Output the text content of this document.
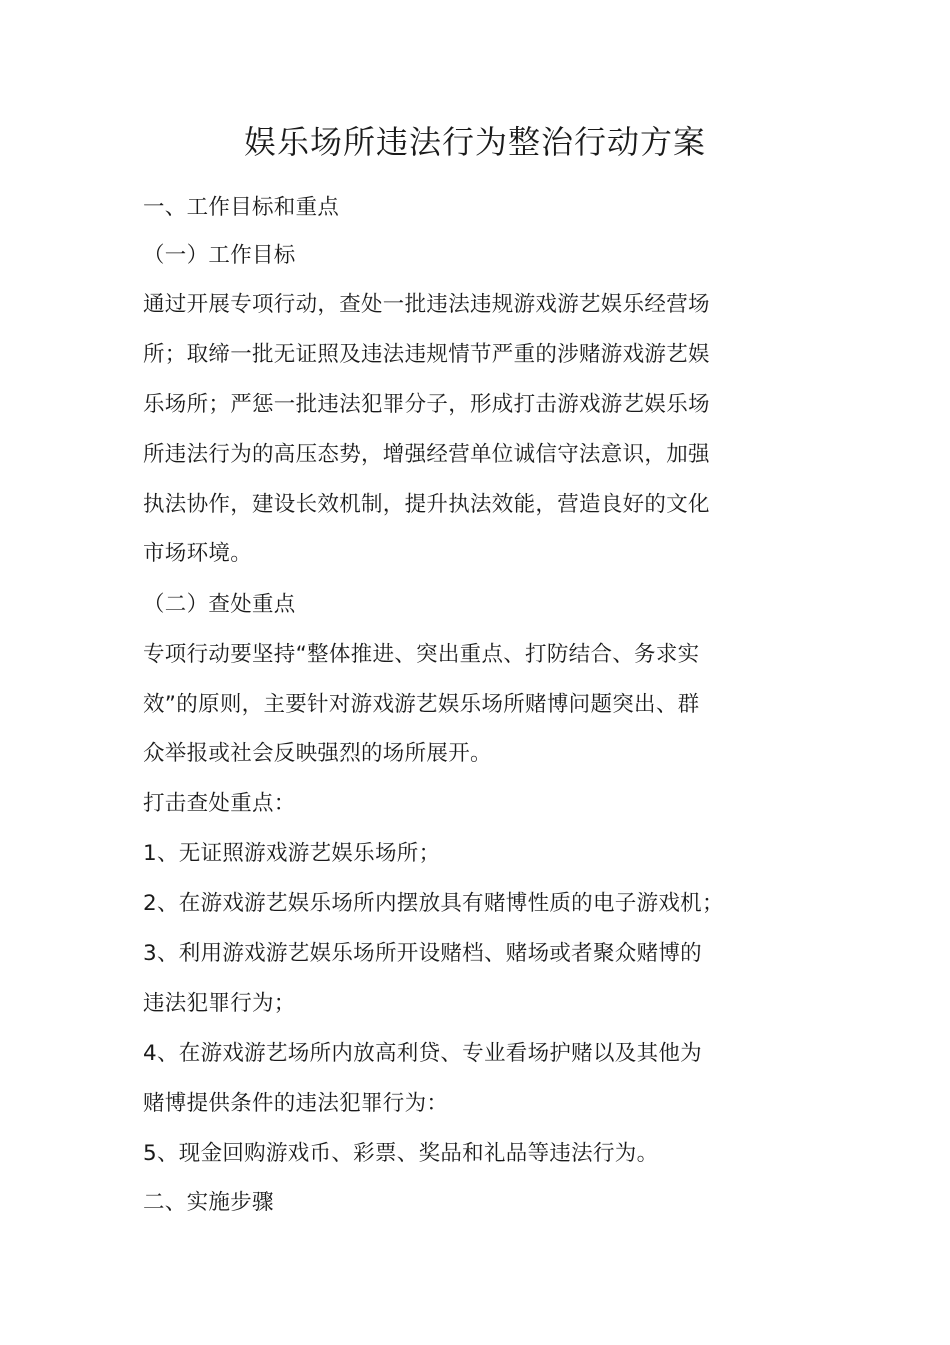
娱乐场所违法行为整治行动方案
一、工作目标和重点
（一）工作目标
通过开展专项行动，查处一批违法违规游戏游艺娱乐经营场
所；取缔一批无证照及违法违规情节严重的涉赌游戏游艺娱
乐场所；严惩一批违法犯罪分子，形成打击游戏游艺娱乐场
所违法行为的高压态势，增强经营单位诚信守法意识，加强
执法协作，建设长效机制，提升执法效能，营造良好的文化
市场环境。
（二）查处重点
专项行动要坚持“整体推进、突出重点、打防结合、务求实
效”的原则，主要针对游戏游艺娱乐场所赌博问题突出、群
众举报或社会反映强烈的场所展开。
打击查处重点：
1、无证照游戏游艺娱乐场所；
2、在游戏游艺娱乐场所内摆放具有赌博性质的电子游戏机；
3、利用游戏游艺娱乐场所开设赌档、赌场或者聚众赌博的
违法犯罪行为；
4、在游戏游艺场所内放高利贷、专业看场护赌以及其他为
赌博提供条件的违法犯罪行为：
5、现金回购游戏币、彩票、奖品和礼品等违法行为。
二、实施步骤
